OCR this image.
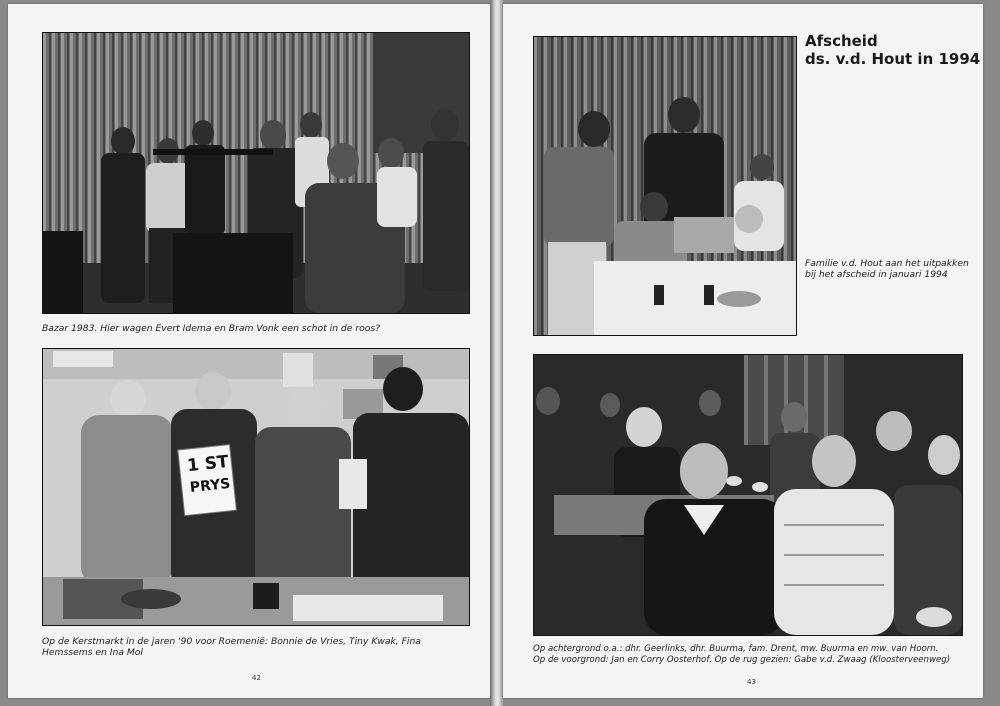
Bazar 1983. Hier wagen Evert Idema en Bram Vonk een schot in de roos?
1 ST
PRYS
Op de Kerstmarkt in de jaren '90 voor Roemenië: Bonnie de Vries, Tiny Kwak, Fina Hemssems en Ina Mol
42
Afscheid
ds. v.d. Hout in 1994
Familie v.d. Hout aan het uitpakken
bij het afscheid in januari 1994
Op achtergrond o.a.: dhr. Geerlinks, dhr. Buurma, fam. Drent, mw. Buurma en mw. van Hoorn.
Op de voorgrond: Jan en Corry Oosterhof. Op de rug gezien: Gabe v.d. Zwaag (Kloosterveenweg)
43
